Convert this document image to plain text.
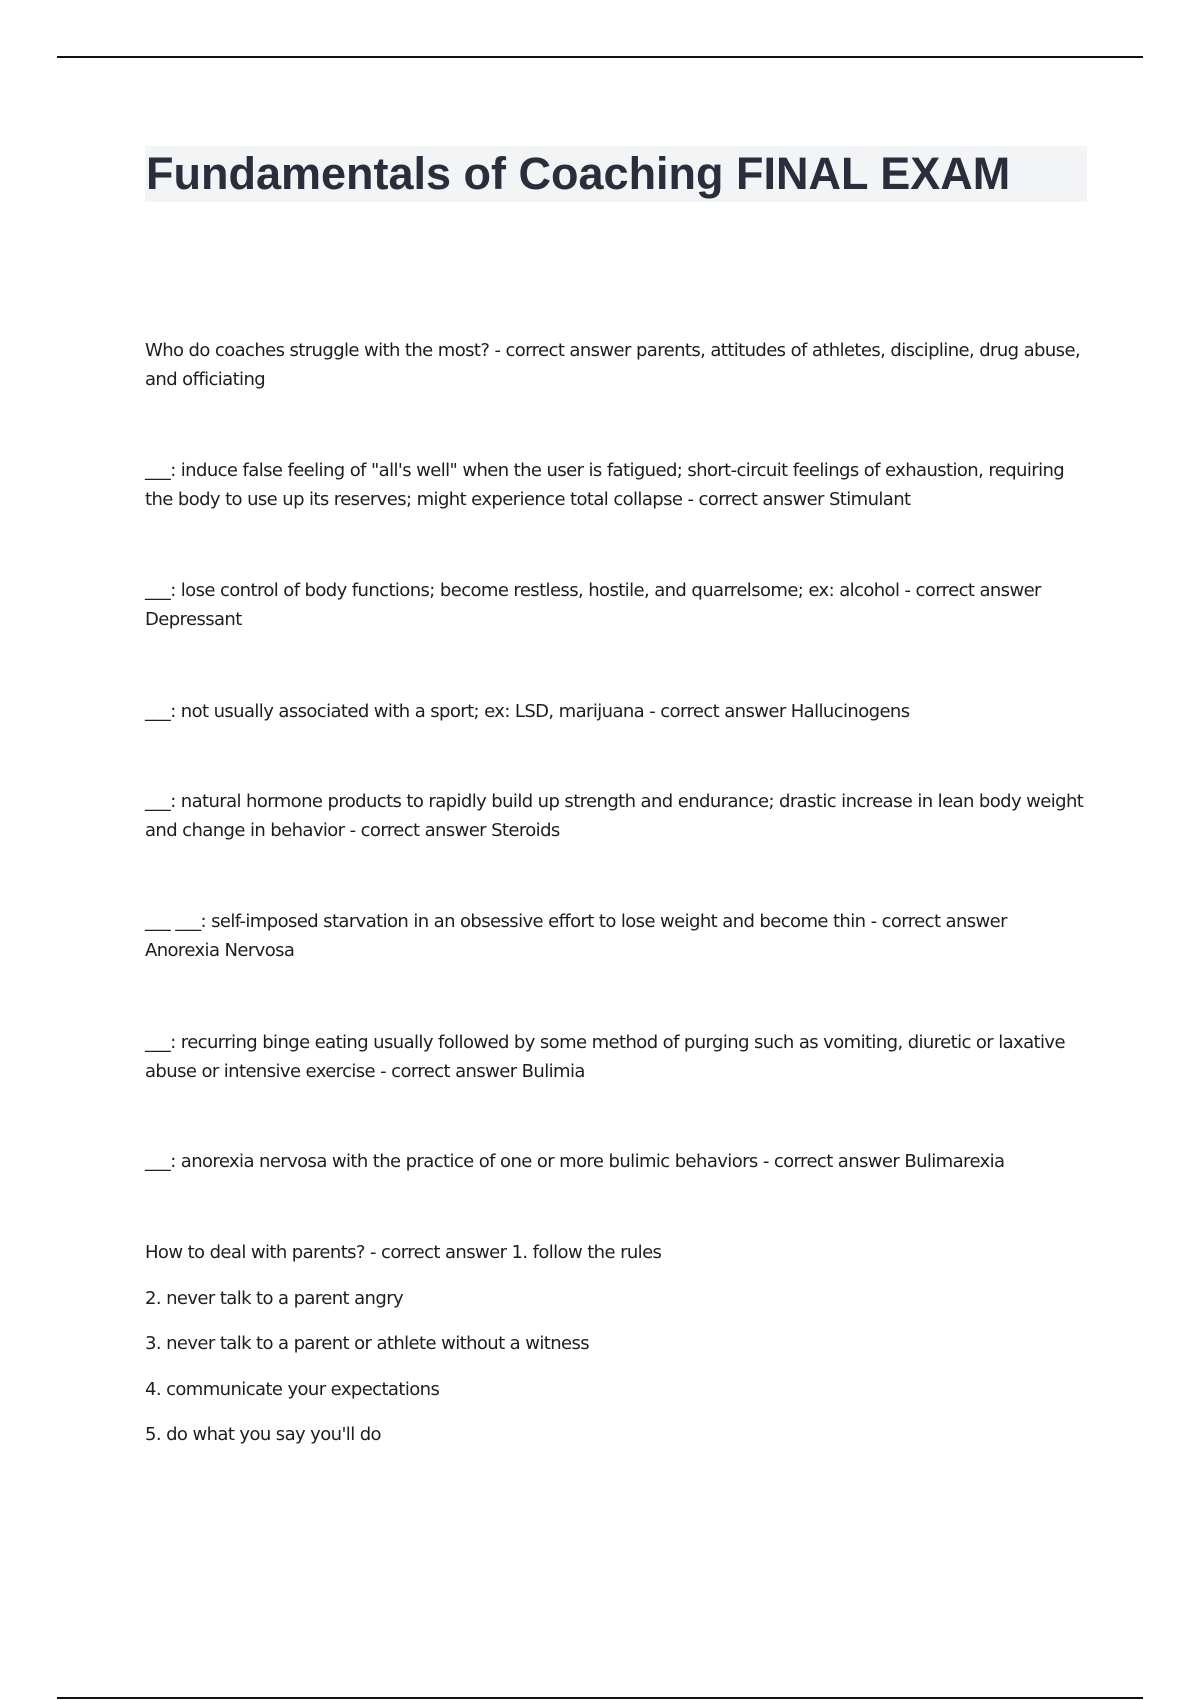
Fundamentals of Coaching FINAL EXAM

Who do coaches struggle with the most? - correct answer parents, attitudes of athletes, discipline, drug abuse, and officiating

___: induce false feeling of "all's well" when the user is fatigued; short-circuit feelings of exhaustion, requiring the body to use up its reserves; might experience total collapse - correct answer Stimulant

___: lose control of body functions; become restless, hostile, and quarrelsome; ex: alcohol - correct answer Depressant

___: not usually associated with a sport; ex: LSD, marijuana - correct answer Hallucinogens

___: natural hormone products to rapidly build up strength and endurance; drastic increase in lean body weight and change in behavior - correct answer Steroids

___ ___: self-imposed starvation in an obsessive effort to lose weight and become thin - correct answer Anorexia Nervosa

___: recurring binge eating usually followed by some method of purging such as vomiting, diuretic or laxative abuse or intensive exercise - correct answer Bulimia

___: anorexia nervosa with the practice of one or more bulimic behaviors - correct answer Bulimarexia

How to deal with parents? - correct answer 1. follow the rules

2. never talk to a parent angry

3. never talk to a parent or athlete without a witness

4. communicate your expectations

5. do what you say you'll do
